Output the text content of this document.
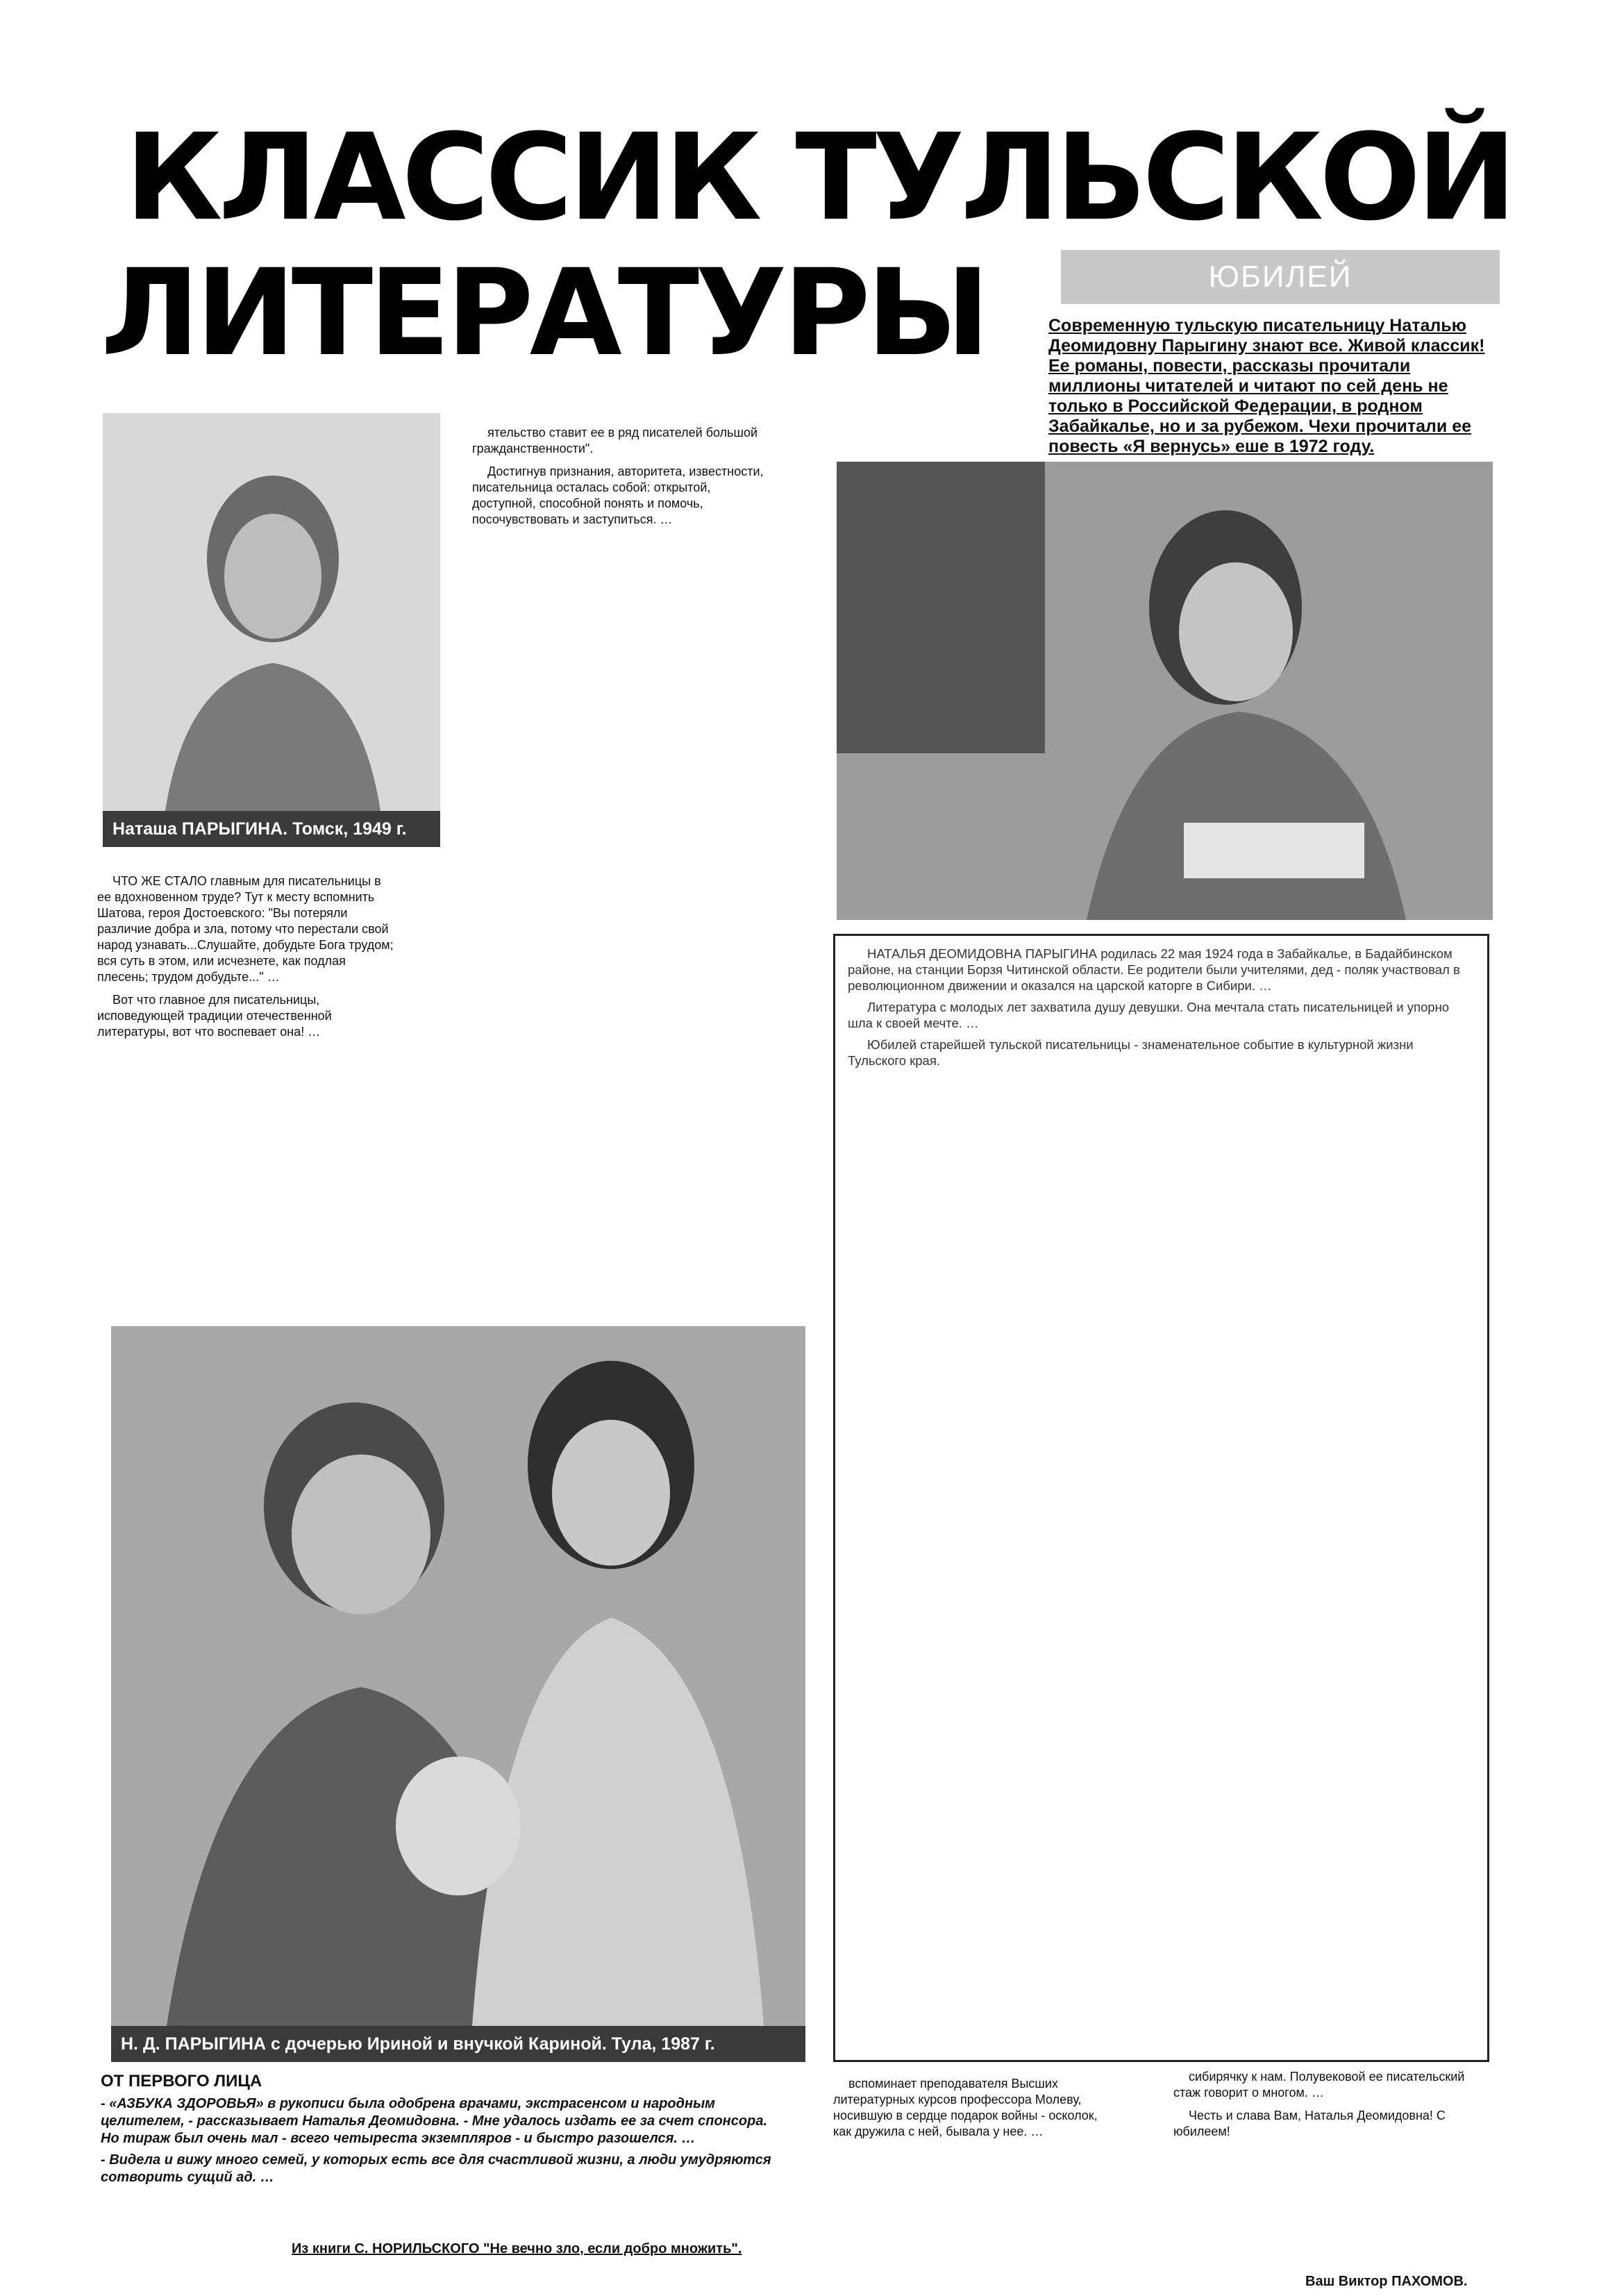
КЛАССИК ТУЛЬСКОЙ
ЛИТЕРАТУРЫ	ЮБИЛЕЙ
Современную тульскую писательницу Наталью Деомидовну Парыгину знают все. Живой классик! Ее романы, повести, рассказы прочитали миллионы читателей и читают по сей день не только в Российской Федерации, в родном Забайкалье, но и за рубежом. Чехи прочитали ее повесть «Я вернусь» еше в 1972 году.
Наташа ПАРЫГИНА. Томск, 1949 г.

ЧТО ЖЕ СТАЛО главным для писательницы в ее вдохновенном труде? Тут к месту вспомнить Шатова, героя Достоевского: "Вы потеряли различие добра и зла, потому что перестали свой народ узнавать...Слушайте, добудьте Бога трудом; вся суть в этом, или исчезнете, как подлая плесень; трудом добудьте..." …

Вот что главное для писательницы, исповедующей традиции отечественной литературы, вот что воспевает она! …

ятельство ставит ее в ряд писателей большой гражданственности".

Достигнув признания, авторитета, известности, писательница осталась собой: открытой, доступной, способной понять и помочь, посочувствовать и заступиться. …

Н. Д. ПАРЫГИНА с дочерью Ириной и внучкой Кариной. Тула, 1987 г.

НАТАЛЬЯ ДЕОМИДОВНА ПАРЫГИНА родилась 22 мая 1924 года в Забайкалье, в Бадайбинском районе, на станции Борзя Читинской области. Ее родители были учителями, дед - поляк участвовал в революционном движении и оказался на царской каторге в Сибири. …

Литература с молодых лет захватила душу девушки. Она мечтала стать писательницей и упорно шла к своей мечте. …

Юбилей старейшей тульской писательницы - знаменательное событие в культурной жизни Тульского края.

ОТ ПЕРВОГО ЛИЦА

- «АЗБУКА ЗДОРОВЬЯ» в рукописи была одобрена врачами, экстрасенсом и народным целителем, - рассказывает Наталья Деомидовна. - Мне удалось издать ее за счет спонсора. Но тираж был очень мал - всего четыреста экземпляров - и быстро разошелся. …

- Видела и вижу много семей, у которых есть все для счастливой жизни, а люди умудряются сотворить сущий ад. …

Из книги С. НОРИЛЬСКОГО "Не вечно зло, если добро множить".

вспоминает преподавателя Высших литературных курсов профессора Молеву, носившую в сердце подарок войны - осколок, как дружила с ней, бывала у нее. …

сибирячку к нам. Полувековой ее писательский стаж говорит о многом. …

Честь и слава Вам, Наталья Деомидовна! С юбилеем!

Ваш Виктор ПАХОМОВ.
